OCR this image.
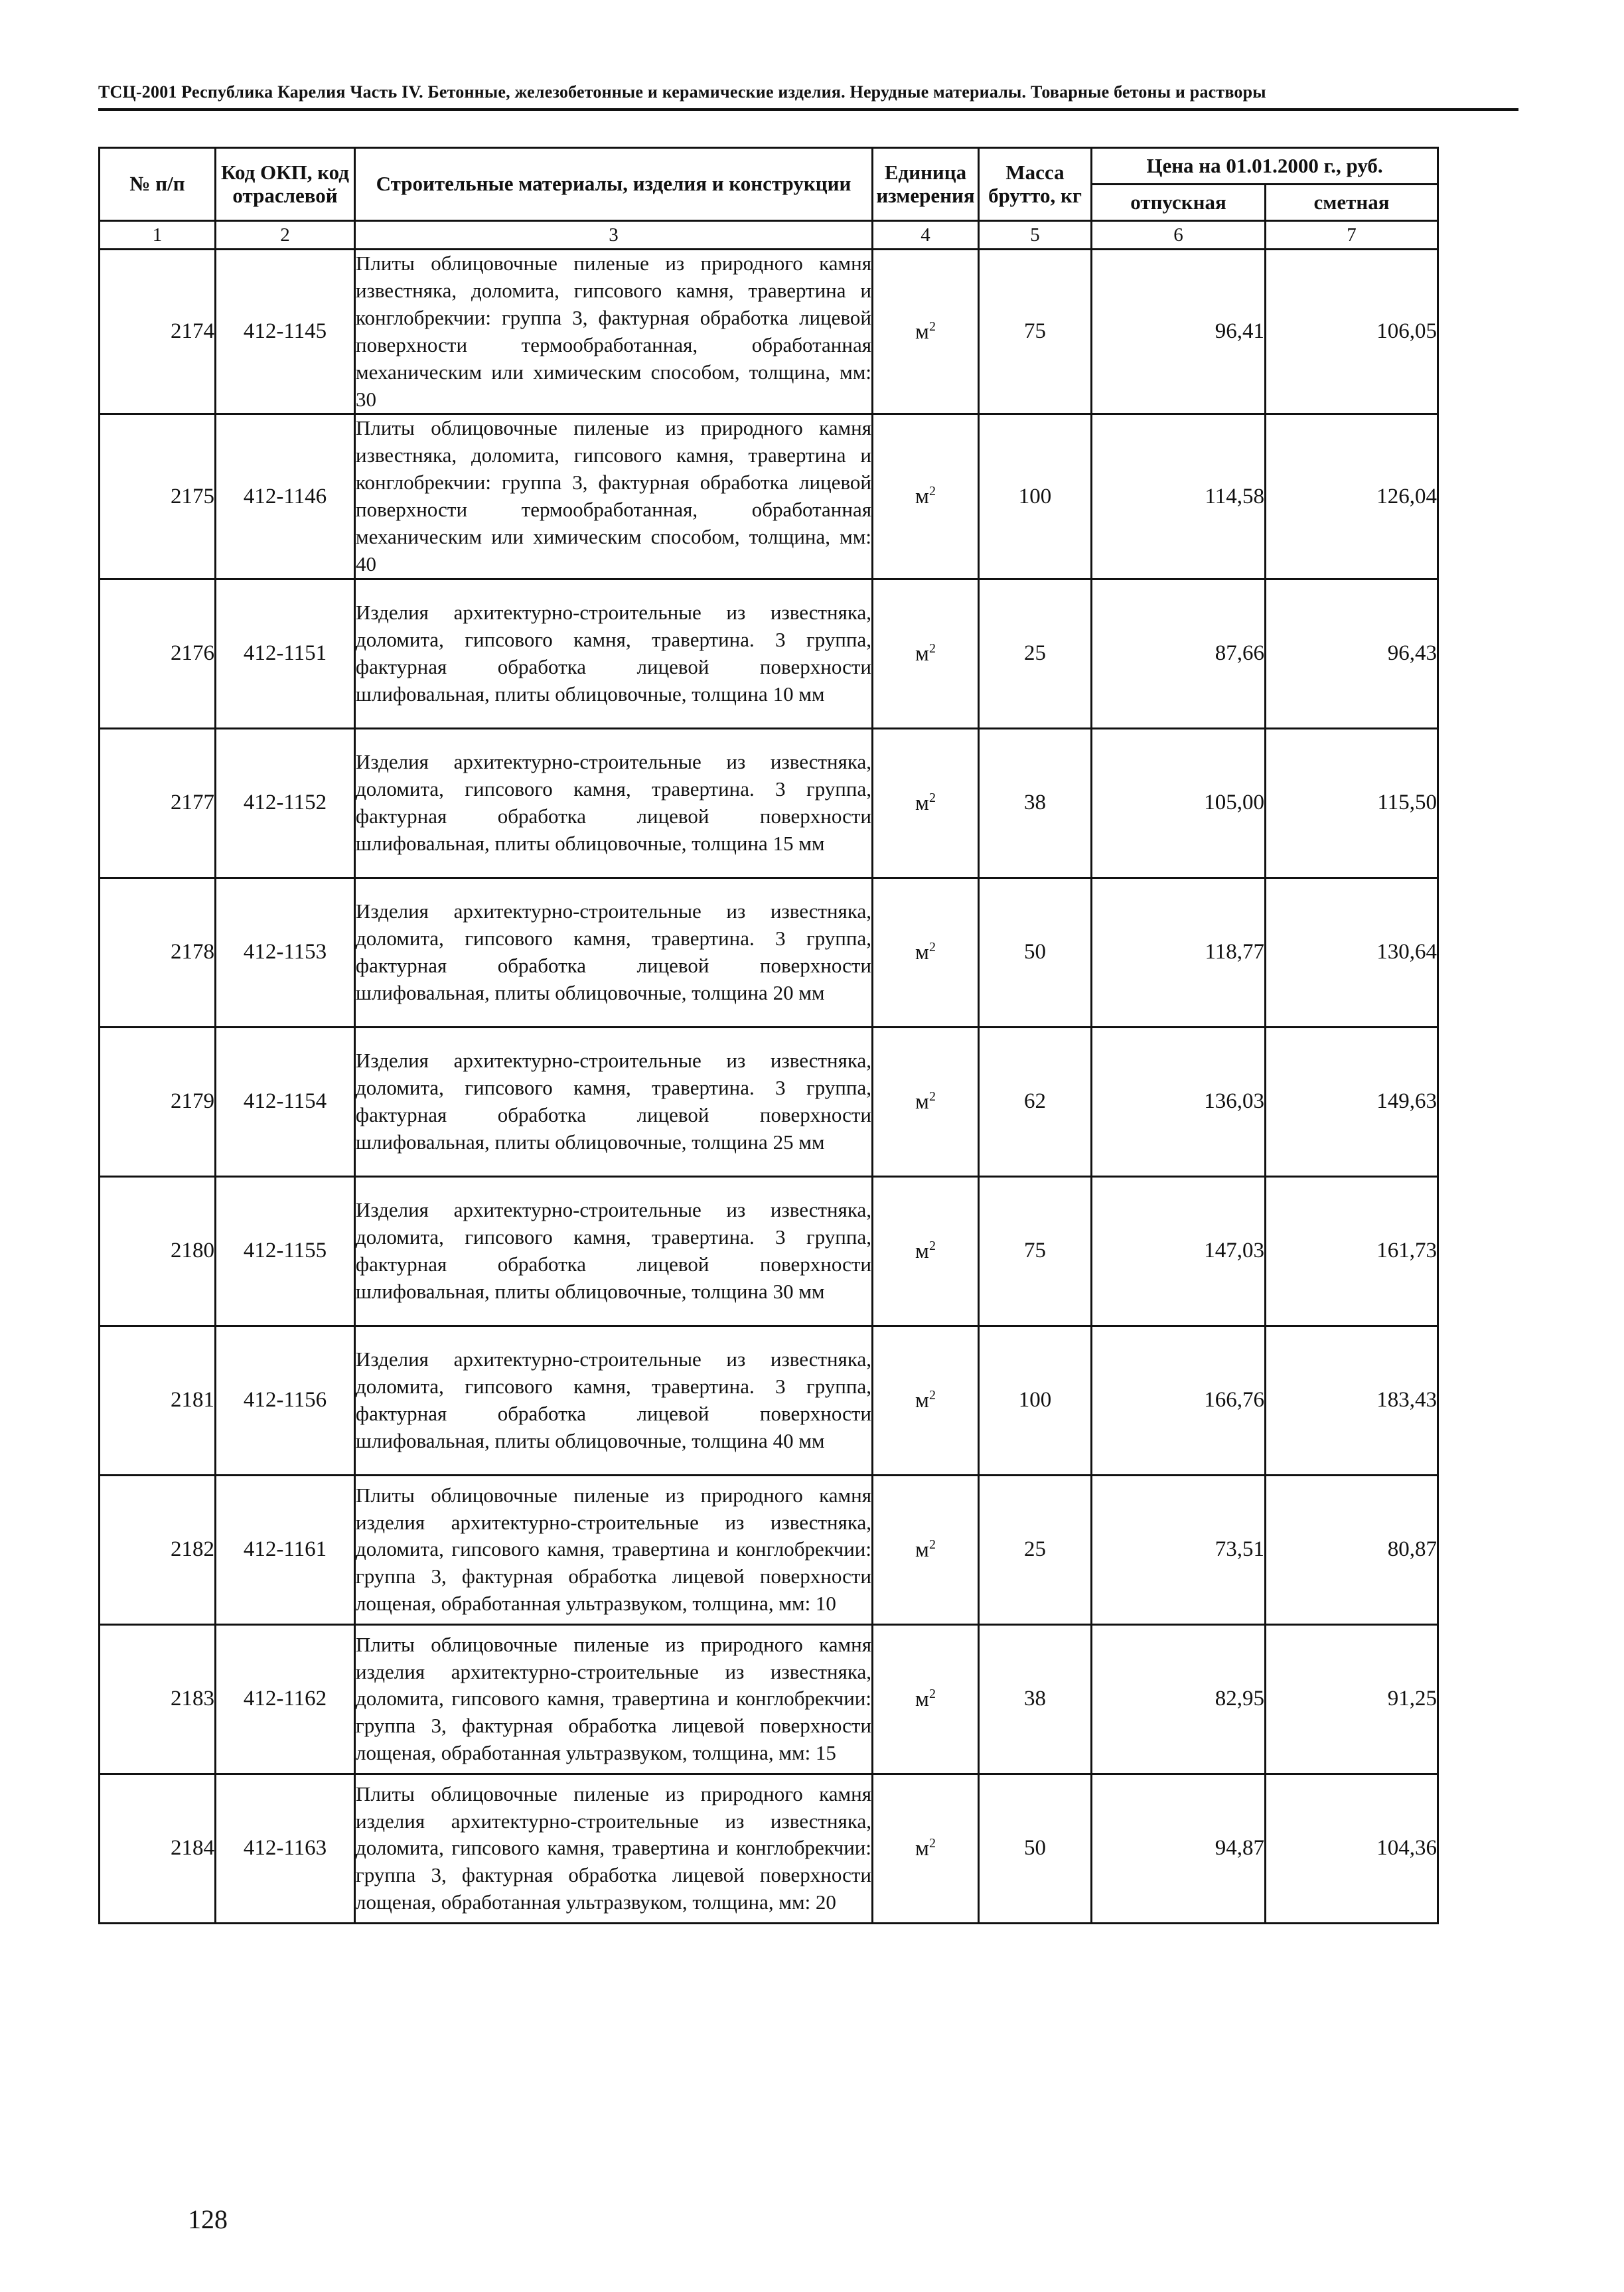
ТСЦ-2001 Республика Карелия Часть IV. Бетонные, железобетонные и керамические изделия. Нерудные материалы. Товарные бетоны и растворы
№ п/п	Код ОКП, код отраслевой	Строительные материалы, изделия и конструкции	Единица измерения	Масса брутто, кг	Цена на 01.01.2000 г., руб.	
					отпускная	сметная
1	2	3	4	5	6	7
2174	412-1145	Плиты облицовочные пиленые из природного камня известняка, доломита, гипсового камня, травертина и конглобрекчии: группа 3, фактурная обработка лицевой поверхности термообработанная, обработанная механическим или химическим способом, толщина, мм: 30	$м^2$	75	96,41	106,05
2175	412-1146	Плиты облицовочные пиленые из природного камня известняка, доломита, гипсового камня, травертина и конглобрекчии: группа 3, фактурная обработка лицевой поверхности термообработанная, обработанная механическим или химическим способом, толщина, мм: 40	$м^2$	100	114,58	126,04
2176	412-1151	Изделия архитектурно-строительные из известняка, доломита, гипсового камня, травертина. 3 группа, фактурная обработка лицевой поверхности шлифовальная, плиты облицовочные, толщина 10 мм	$м^2$	25	87,66	96,43
2177	412-1152	Изделия архитектурно-строительные из известняка, доломита, гипсового камня, травертина. 3 группа, фактурная обработка лицевой поверхности шлифовальная, плиты облицовочные, толщина 15 мм	$м^2$	38	105,00	115,50
2178	412-1153	Изделия архитектурно-строительные из известняка, доломита, гипсового камня, травертина. 3 группа, фактурная обработка лицевой поверхности шлифовальная, плиты облицовочные, толщина 20 мм	$м^2$	50	118,77	130,64
2179	412-1154	Изделия архитектурно-строительные из известняка, доломита, гипсового камня, травертина. 3 группа, фактурная обработка лицевой поверхности шлифовальная, плиты облицовочные, толщина 25 мм	$м^2$	62	136,03	149,63
2180	412-1155	Изделия архитектурно-строительные из известняка, доломита, гипсового камня, травертина. 3 группа, фактурная обработка лицевой поверхности шлифовальная, плиты облицовочные, толщина 30 мм	$м^2$	75	147,03	161,73
2181	412-1156	Изделия архитектурно-строительные из известняка, доломита, гипсового камня, травертина. 3 группа, фактурная обработка лицевой поверхности шлифовальная, плиты облицовочные, толщина 40 мм	$м^2$	100	166,76	183,43
2182	412-1161	Плиты облицовочные пиленые из природного камня изделия архитектурно-строительные из известняка, доломита, гипсового камня, травертина и конглобрекчии: группа 3, фактурная обработка лицевой поверхности лощеная, обработанная ультразвуком, толщина, мм: 10	$м^2$	25	73,51	80,87
2183	412-1162	Плиты облицовочные пиленые из природного камня изделия архитектурно-строительные из известняка, доломита, гипсового камня, травертина и конглобрекчии: группа 3, фактурная обработка лицевой поверхности лощеная, обработанная ультразвуком, толщина, мм: 15	$м^2$	38	82,95	91,25
2184	412-1163	Плиты облицовочные пиленые из природного камня изделия архитектурно-строительные из известняка, доломита, гипсового камня, травертина и конглобрекчии: группа 3, фактурная обработка лицевой поверхности лощеная, обработанная ультразвуком, толщина, мм: 20	$м^2$	50	94,87	104,36
128
